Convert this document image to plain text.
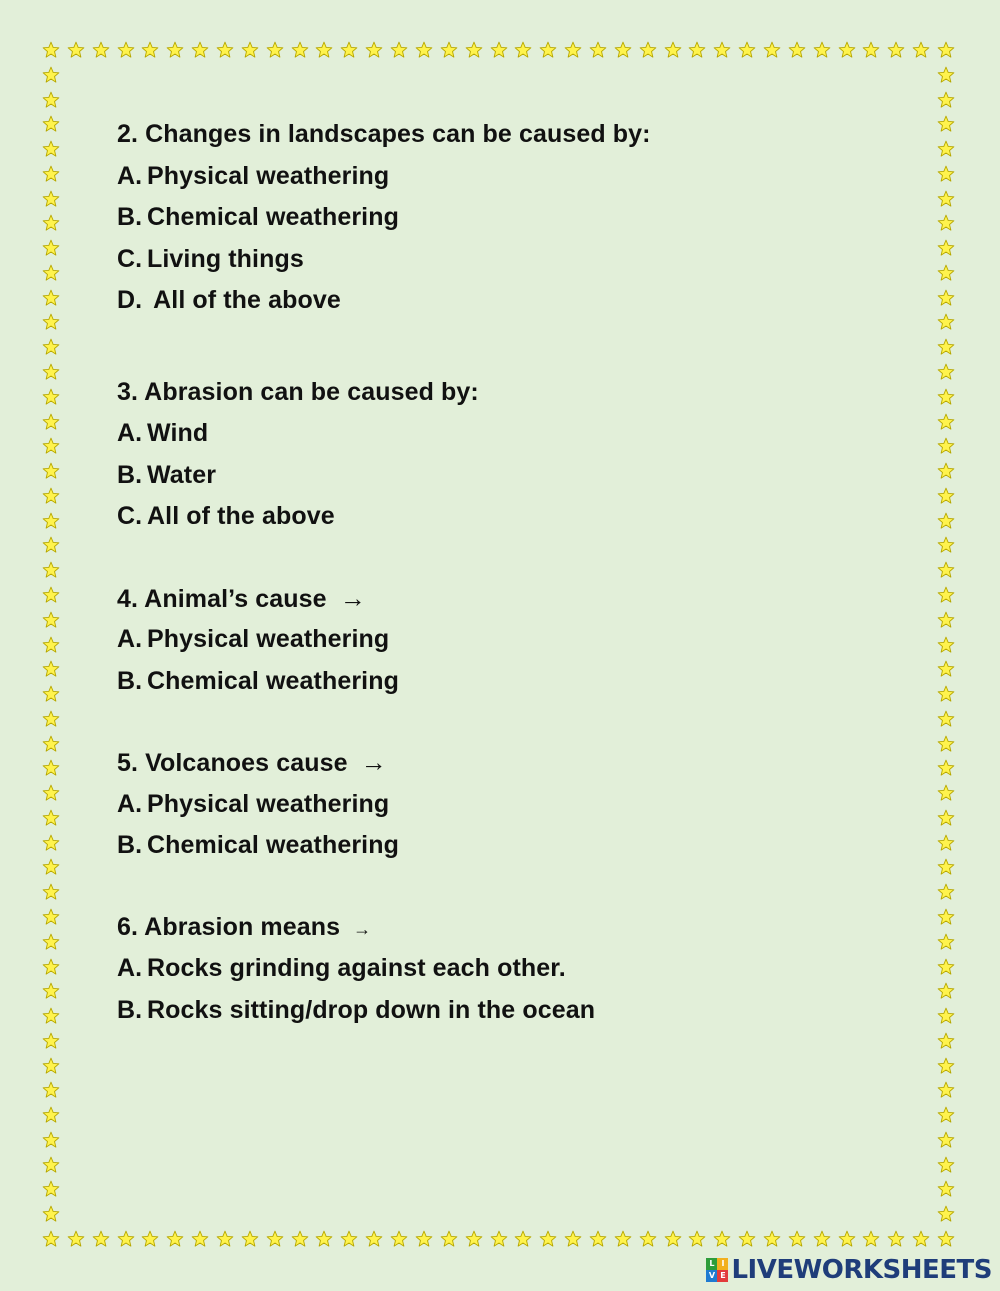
2. Changes in landscapes can be caused by:
A. Physical weathering
B. Chemical weathering
C. Living things
D. All of the above
3. Abrasion can be caused by:
A. Wind
B. Water
C. All of the above
4. Animal’s cause →
A. Physical weathering
B. Chemical weathering
5. Volcanoes cause →
A. Physical weathering
B. Chemical weathering
6. Abrasion means →
A. Rocks grinding against each other.
B. Rocks sitting/drop down in the ocean
L I
V E LIVEWORKSHEETS
